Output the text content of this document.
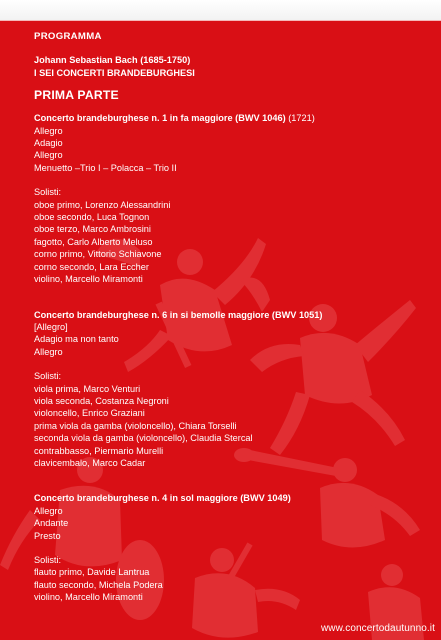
PROGRAMMA
Johann Sebastian Bach (1685-1750)
I SEI CONCERTI BRANDEBURGHESI
PRIMA PARTE
Concerto brandeburghese n. 1 in fa maggiore (BWV 1046) (1721)
Allegro
Adagio
Allegro
Menuetto –Trio I – Polacca – Trio II
Solisti:
oboe primo, Lorenzo Alessandrini
oboe secondo, Luca Tognon
oboe terzo, Marco Ambrosini
fagotto, Carlo Alberto Meluso
corno primo, Vittorio Schiavone
corno secondo, Lara Eccher
violino, Marcello Miramonti
Concerto brandeburghese n. 6 in si bemolle maggiore (BWV 1051)
[Allegro]
Adagio ma non tanto
Allegro
Solisti:
viola prima, Marco Venturi
viola seconda, Costanza Negroni
violoncello, Enrico Graziani
prima viola da gamba (violoncello), Chiara Torselli
seconda viola da gamba (violoncello), Claudia Stercal
contrabbasso, Piermario Murelli
clavicembalo, Marco Cadar
Concerto brandeburghese n. 4 in sol maggiore (BWV 1049)
Allegro
Andante
Presto
Solisti:
flauto primo, Davide Lantrua
flauto secondo, Michela Podera
violino, Marcello Miramonti
www.concertodautunno.it
